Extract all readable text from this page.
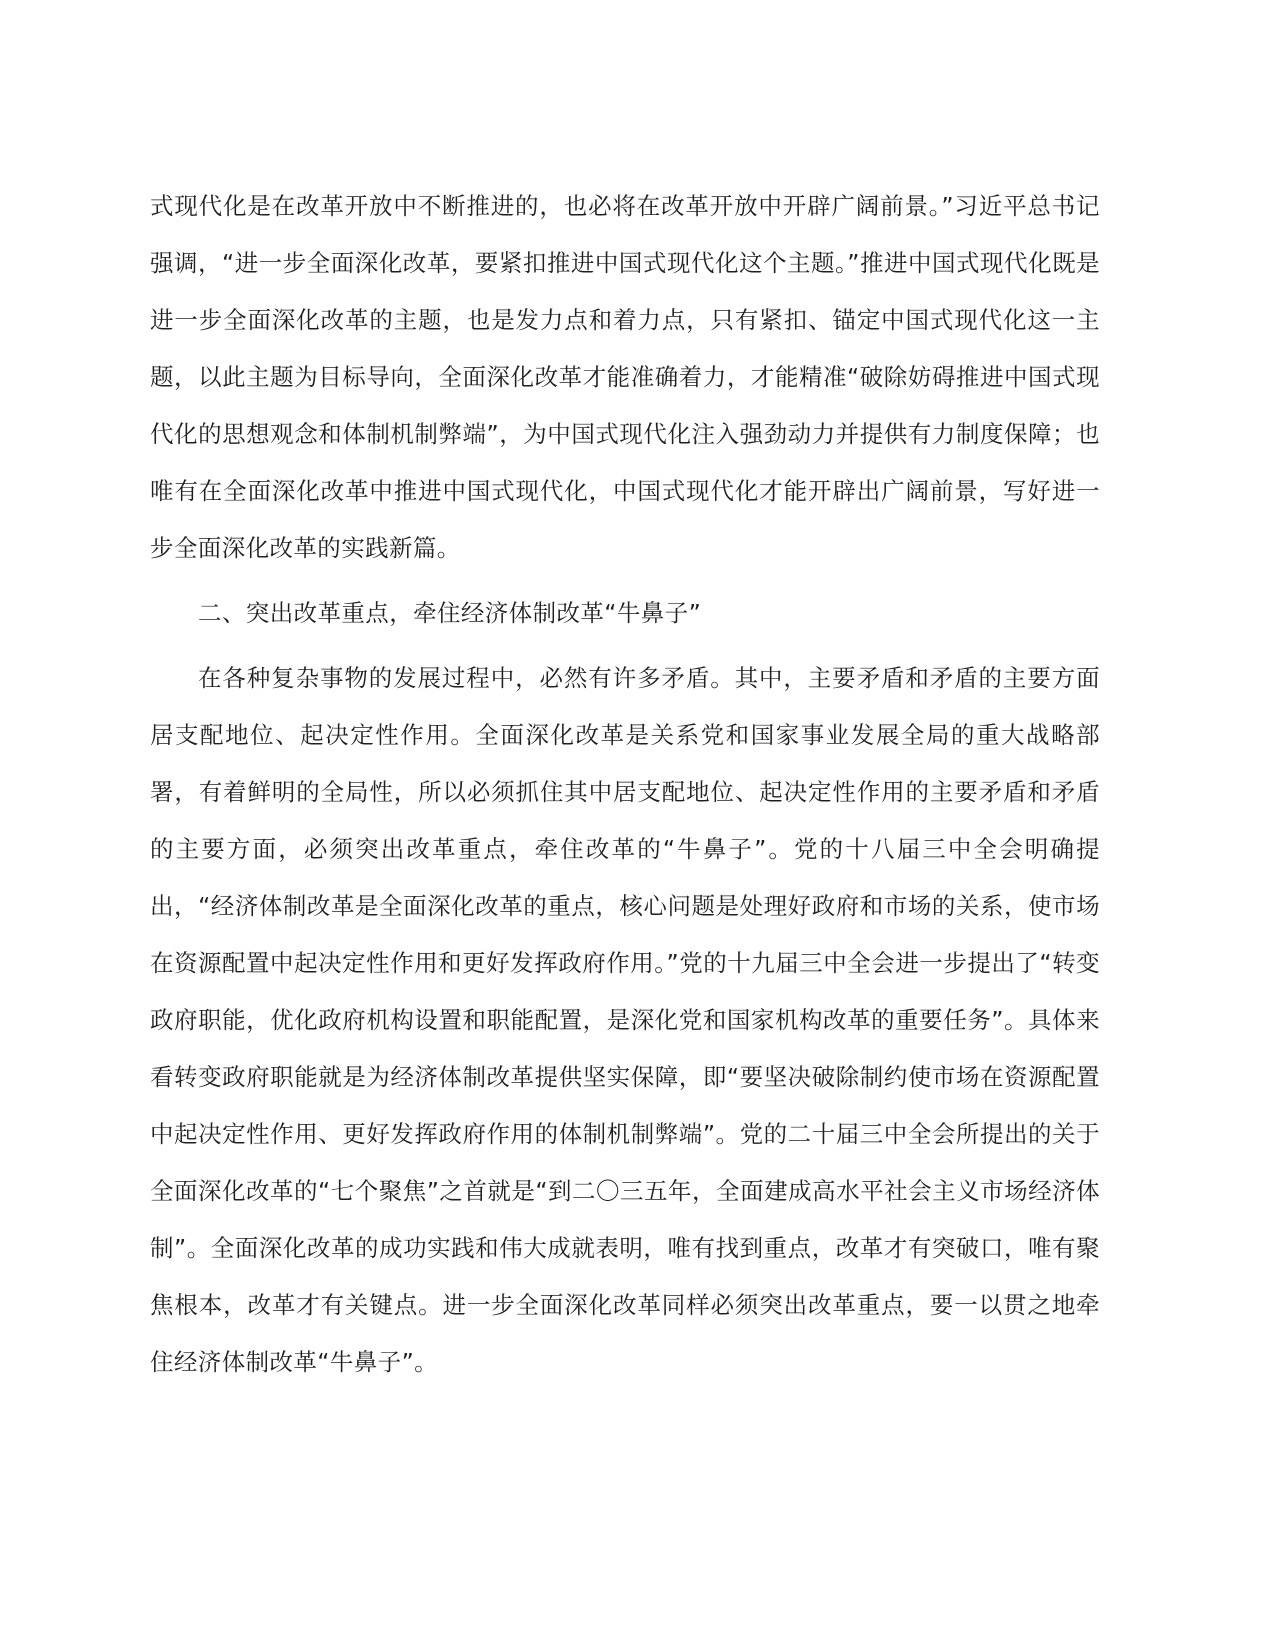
式现代化是在改革开放中不断推进的，也必将在改革开放中开辟广阔前景。”习近平总书记强调，“进一步全面深化改革，要紧扣推进中国式现代化这个主题。”推进中国式现代化既是进一步全面深化改革的主题，也是发力点和着力点，只有紧扣、锚定中国式现代化这一主题，以此主题为目标导向，全面深化改革才能准确着力，才能精准“破除妨碍推进中国式现代化的思想观念和体制机制弊端”，为中国式现代化注入强劲动力并提供有力制度保障；也唯有在全面深化改革中推进中国式现代化，中国式现代化才能开辟出广阔前景，写好进一步全面深化改革的实践新篇。

二、突出改革重点，牵住经济体制改革“牛鼻子”

在各种复杂事物的发展过程中，必然有许多矛盾。其中，主要矛盾和矛盾的主要方面居支配地位、起决定性作用。全面深化改革是关系党和国家事业发展全局的重大战略部署，有着鲜明的全局性，所以必须抓住其中居支配地位、起决定性作用的主要矛盾和矛盾的主要方面，必须突出改革重点，牵住改革的“牛鼻子”。党的十八届三中全会明确提出，“经济体制改革是全面深化改革的重点，核心问题是处理好政府和市场的关系，使市场在资源配置中起决定性作用和更好发挥政府作用。”党的十九届三中全会进一步提出了“转变政府职能，优化政府机构设置和职能配置，是深化党和国家机构改革的重要任务”。具体来看转变政府职能就是为经济体制改革提供坚实保障，即“要坚决破除制约使市场在资源配置中起决定性作用、更好发挥政府作用的体制机制弊端”。党的二十届三中全会所提出的关于全面深化改革的“七个聚焦”之首就是“到二〇三五年，全面建成高水平社会主义市场经济体制”。全面深化改革的成功实践和伟大成就表明，唯有找到重点，改革才有突破口，唯有聚焦根本，改革才有关键点。进一步全面深化改革同样必须突出改革重点，要一以贯之地牵住经济体制改革“牛鼻子”。
